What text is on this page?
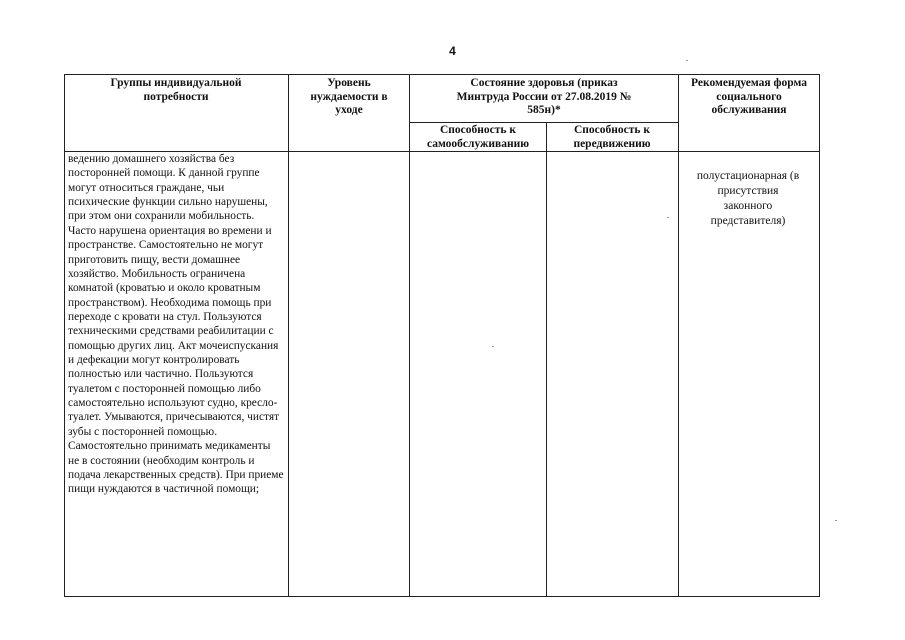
4
Группы индивидуальной потребности
Уровень нуждаемости в уходе
Состояние здоровья (приказ Минтруда России от 27.08.2019 № 585н)*
Рекомендуемая форма социального обслуживания
Способность к самообслуживанию
Способность к передвижению
ведению домашнего хозяйства без посторонней помощи. К данной группе могут относиться граждане, чьи психические функции сильно нарушены, при этом они сохранили мобильность. Часто нарушена ориентация во времени и пространстве. Самостоятельно не могут приготовить пищу, вести домашнее хозяйство. Мобильность ограничена комнатой (кроватью и около кроватным пространством). Необходима помощь при переходе с кровати на стул. Пользуются техническими средствами реабилитации с помощью других лиц. Акт мочеиспускания и дефекации могут контролировать полностью или частично. Пользуются туалетом с посторонней помощью либо самостоятельно используют судно, кресло-туалет. Умываются, причесываются, чистят зубы с посторонней помощью. Самостоятельно принимать медикаменты не в состоянии (необходим контроль и подача лекарственных средств). При приеме пищи нуждаются в частичной помощи;
полустационарная (в присутствия законного представителя)
